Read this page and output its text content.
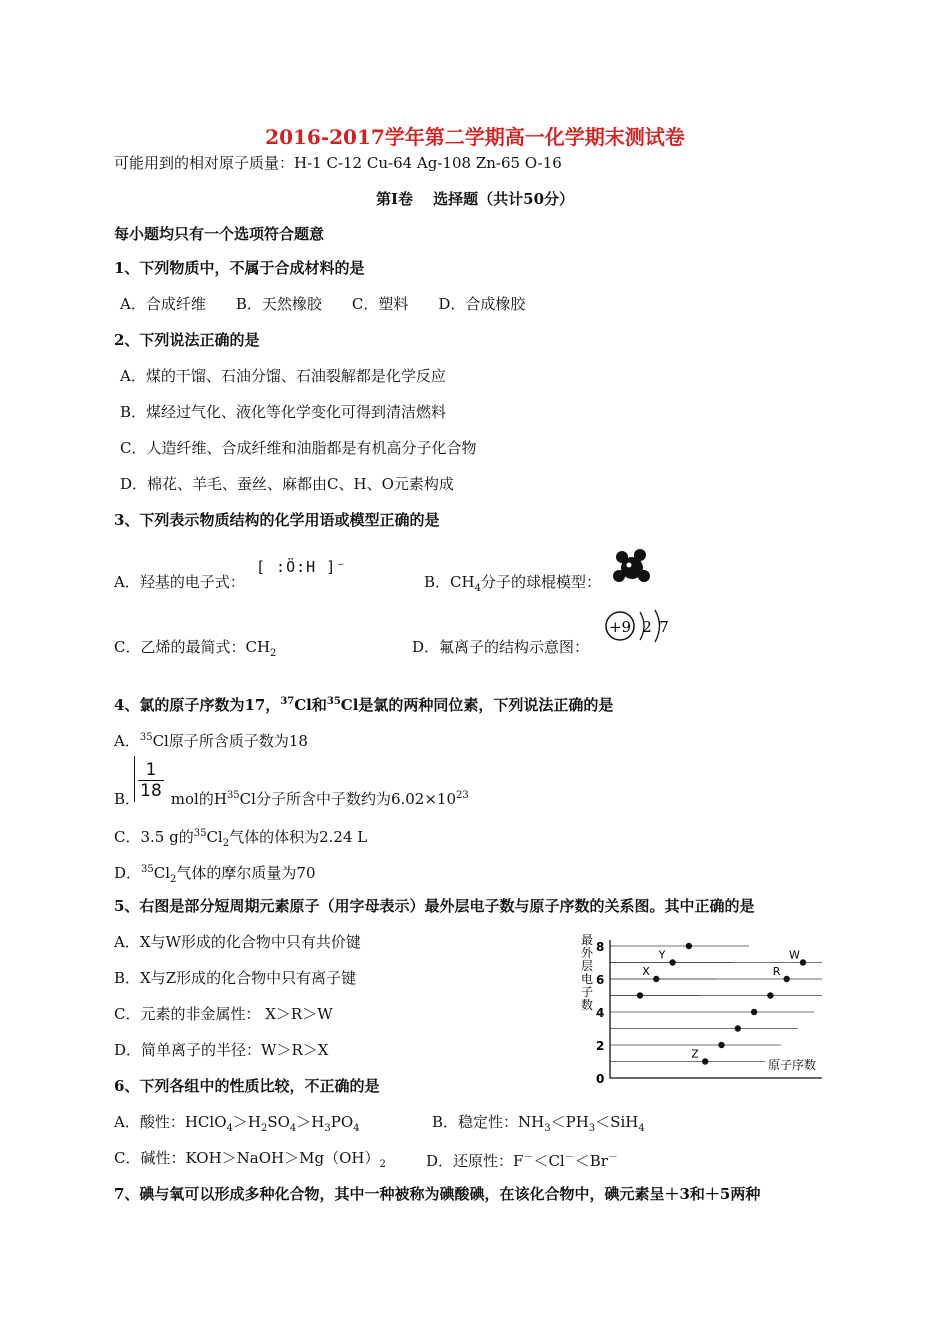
2016-2017学年第二学期高一化学期末测试卷
可能用到的相对原子质量：H-1 C-12 Cu-64 Ag-108 Zn-65 O-16
第Ⅰ卷　 选择题（共计50分）
每小题均只有一个选项符合题意
1、下列物质中，不属于合成材料的是
A．合成纤维　　B．天然橡胶　　C．塑料　　D．合成橡胶
2、下列说法正确的是
A．煤的干馏、石油分馏、石油裂解都是化学反应
B．煤经过气化、液化等化学变化可得到清洁燃料
C．人造纤维、合成纤维和油脂都是有机高分子化合物
D．棉花、羊毛、蚕丝、麻都由C、H、O元素构成
3、下列表示物质结构的化学用语或模型正确的是
A．羟基的电子式：
[ :Ö:H ]⁻
B．$CH_4$分子的球棍模型：
C．乙烯的最简式：$CH_2$	D．氟离子的结构示意图：
+9 2 7
4、氯的原子序数为17，$^{37}$Cl和$^{35}$Cl是氯的两种同位素，下列说法正确的是
A．$^{35}$Cl原子所含质子数为18
$\frac{1}{18}$
B． mol的$H^{35}Cl$分子所含中子数约为$6.02\times 10^{23}$
C．3.5 g的$^{35}Cl_2$气体的体积为2.24 L
D．$^{35}Cl_2$气体的摩尔质量为70
5、右图是部分短周期元素原子（用字母表示）最外层电子数与原子序数的关系图。其中正确的是
A．X与W形成的化合物中只有共价键
B．X与Z形成的化合物中只有离子键
C．元素的非金属性： X＞R＞W
D．简单离子的半径：W＞R＞X
最外层电子数
原子序数
8
6
4
2
0
X
Y
Z
R
W
6、下列各组中的性质比较，不正确的是
A．酸性：$HClO_4>H_2SO_4>H_3PO_4$	B．稳定性：$NH_3<PH_3<SiH_4$
C．碱性：$KOH>NaOH>Mg(OH)_2$	D．还原性：F－＜Cl－＜Br－
7、碘与氧可以形成多种化合物，其中一种被称为碘酸碘，在该化合物中，碘元素呈＋3和＋5两种
